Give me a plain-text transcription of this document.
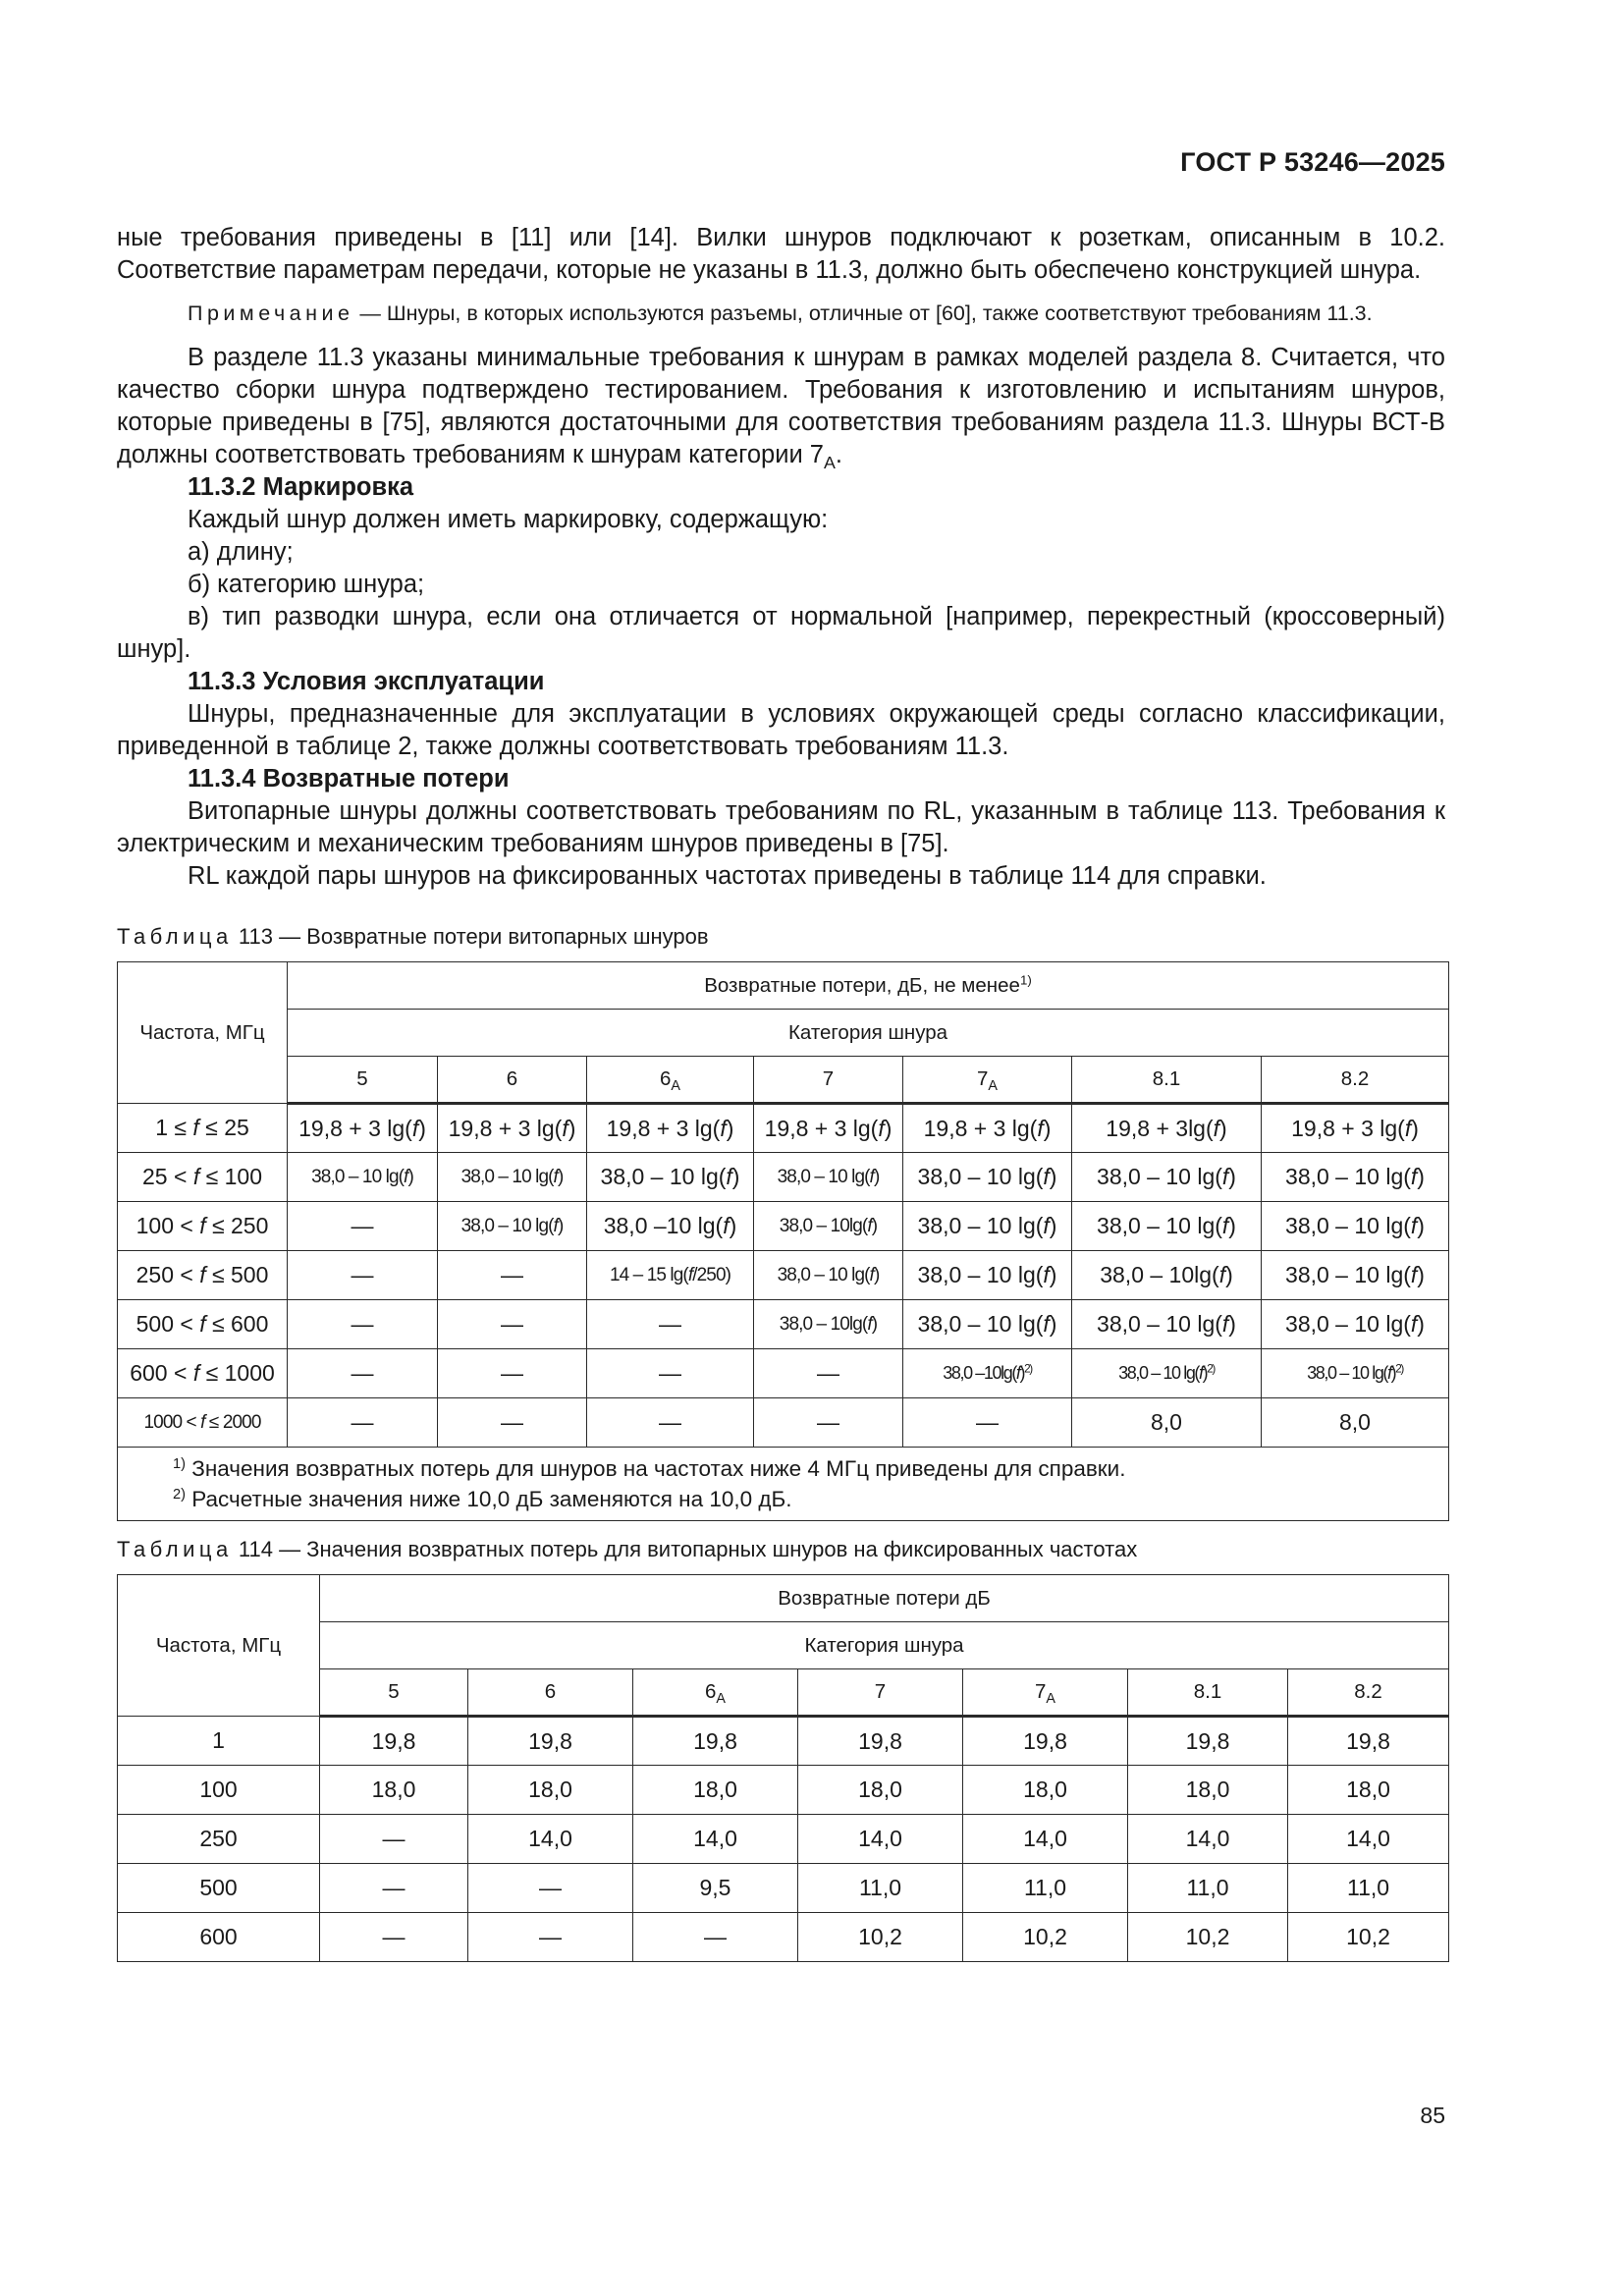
ГОСТ Р 53246—2025

ные требования приведены в [11] или [14]. Вилки шнуров подключают к розеткам, описанным в 10.2. Соответствие параметрам передачи, которые не указаны в 11.3, должно быть обеспечено конструкцией шнура.

Примечание — Шнуры, в которых используются разъемы, отличные от [60], также соответствуют требованиям 11.3.

В разделе 11.3 указаны минимальные требования к шнурам в рамках моделей раздела 8. Считается, что качество сборки шнура подтверждено тестированием. Требования к изготовлению и испытаниям шнуров, которые приведены в [75], являются достаточными для соответствия требованиям раздела 11.3. Шнуры ВСТ-В должны соответствовать требованиям к шнурам категории $7_A$.

11.3.2 Маркировка

Каждый шнур должен иметь маркировку, содержащую:

а) длину;

б) категорию шнура;

в) тип разводки шнура, если она отличается от нормальной [например, перекрестный (кроссоверный) шнур].

11.3.3 Условия эксплуатации

Шнуры, предназначенные для эксплуатации в условиях окружающей среды согласно классификации, приведенной в таблице 2, также должны соответствовать требованиям 11.3.

11.3.4 Возвратные потери

Витопарные шнуры должны соответствовать требованиям по RL, указанным в таблице 113. Требования к электрическим и механическим требованиям шнуров приведены в [75].

RL каждой пары шнуров на фиксированных частотах приведены в таблице 114 для справки.

Таблица 113 — Возвратные потери витопарных шнуров

Частота, МГц	Возвратные потери, дБ, не менее$^{1)}$
	Категория шнура						
	5	6	$6_A$	7	$7_A$	8.1	8.2
1 ≤ f ≤ 25	19,8 + 3 lg(f)	19,8 + 3 lg(f)	19,8 + 3 lg(f)	19,8 + 3 lg(f)	19,8 + 3 lg(f)	19,8 + 3lg(f)	19,8 + 3 lg(f)
25 < f ≤ 100	38,0 – 10 lg(f)	38,0 – 10 lg(f)	38,0 – 10 lg(f)	38,0 – 10 lg(f)	38,0 – 10 lg(f)	38,0 – 10 lg(f)	38,0 – 10 lg(f)
100 < f ≤ 250	—	38,0 – 10 lg(f)	38,0 –10 lg(f)	38,0 – 10lg(f)	38,0 – 10 lg(f)	38,0 – 10 lg(f)	38,0 – 10 lg(f)
250 < f ≤ 500	—	—	14 – 15 lg(f/250)	38,0 – 10 lg(f)	38,0 – 10 lg(f)	38,0 – 10lg(f)	38,0 – 10 lg(f)
500 < f ≤ 600	—	—	—	38,0 – 10lg(f)	38,0 – 10 lg(f)	38,0 – 10 lg(f)	38,0 – 10 lg(f)
600 < f ≤ 1000	—	—	—	—	38,0 $-10\lg(f)^{2)}$	38,0 – 10 $\lg(f)^{2)}$	38,0 – 10 $\lg(f)^{2)}$
1000 < f ≤ 2000	—	—	—	—	—	8,0	8,0

$^{1)}$ Значения возвратных потерь для шнуров на частотах ниже 4 МГц приведены для справки.
$^{2)}$ Расчетные значения ниже 10,0 дБ заменяются на 10,0 дБ.							

Таблица 114 — Значения возвратных потерь для витопарных шнуров на фиксированных частотах

Частота, МГц	Возвратные потери дБ						
	Категория шнура						
	5	6	$6_A$	7	$7_A$	8.1	8.2
1	19,8	19,8	19,8	19,8	19,8	19,8	19,8
100	18,0	18,0	18,0	18,0	18,0	18,0	18,0
250	—	14,0	14,0	14,0	14,0	14,0	14,0
500	—	—	9,5	11,0	11,0	11,0	11,0
600	—	—	—	10,2	10,2	10,2	10,2
85
